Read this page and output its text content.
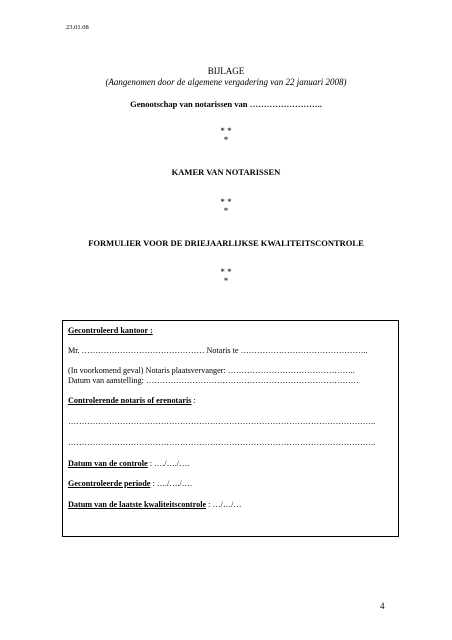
23.01.08
BIJLAGE
(Aangenomen door de algemene vergadering van 22 januari 2008)
Genootschap van notarissen van ……………………..
* *
*
KAMER VAN NOTARISSEN
* *
*
FORMULIER VOOR DE DRIEJAARLIJKSE KWALITEITSCONTROLE
* *
*
Gecontroleerd kantoor :
Mr. ……………………………………… Notaris te ………………………………………..
(In voorkomend geval) Notaris plaatsvervanger: ………………………………………..
Datum van aanstelling: ……………………………………………………………………
Controlerende notaris of erenotaris :
…………………………………………………………………………………………………..
…………………………………………………………………………………………………..
Datum van de controle : …./…./….
Gecontroleerde periode : …./…./….
Datum van de laatste kwaliteitscontrole : …/…/…
4
